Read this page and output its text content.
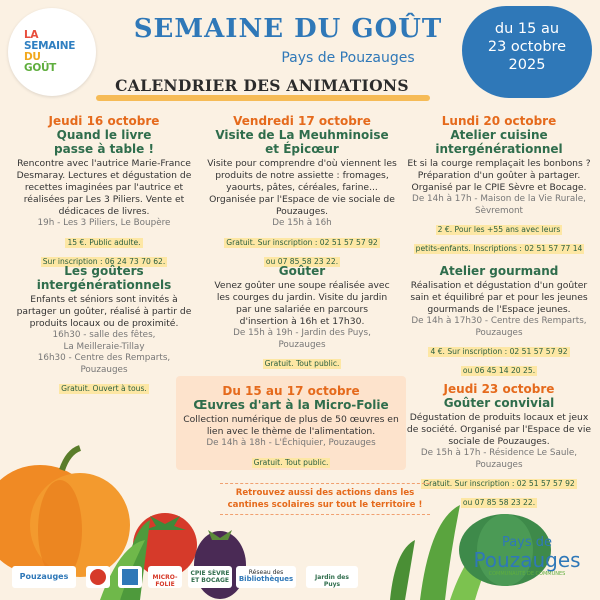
LA
SEMAINE
DU
GOÛT
SEMAINE DU GOÛT
Pays de Pouzauges
du 15 au
23 octobre
2025
CALENDRIER DES ANIMATIONS
Jeudi 16 octobre
Quand le livre
passe à table !
Rencontre avec l'autrice Marie-France Desmaray. Lectures et dégustation de recettes imaginées par l'autrice et réalisées par Les 3 Piliers. Vente et dédicaces de livres.
19h - Les 3 Piliers, Le Boupère
15 €. Public adulte.
Sur inscription : 06 24 73 70 62.
Vendredi 17 octobre
Visite de La Meuhminoise
et Épicœur
Visite pour comprendre d'où viennent les produits de notre assiette : fromages, yaourts, pâtes, céréales, farine... Organisée par l'Espace de vie sociale de Pouzauges.
De 15h à 16h
Gratuit. Sur inscription : 02 51 57 57 92
ou 07 85 58 23 22.
Lundi 20 octobre
Atelier cuisine
intergénérationnel
Et si la courge remplaçait les bonbons ? Préparation d'un goûter à partager. Organisé par le CPIE Sèvre et Bocage.
De 14h à 17h - Maison de la Vie Rurale, Sèvremont
2 €. Pour les +55 ans avec leurs
petits-enfants. Inscriptions : 02 51 57 77 14
Les goûters
intergénérationnels
Enfants et séniors sont invités à partager un goûter, réalisé à partir de produits locaux ou de proximité.
16h30 - salle des fêtes,
La Meilleraie-Tillay
16h30 - Centre des Remparts,
Pouzauges
Gratuit. Ouvert à tous.
Goûter
Venez goûter une soupe réalisée avec les courges du jardin. Visite du jardin par une salariée en parcours d'insertion à 16h et 17h30.
De 15h à 19h - Jardin des Puys,
Pouzauges
Gratuit. Tout public.
Atelier gourmand
Réalisation et dégustation d'un goûter sain et équilibré par et pour les jeunes gourmands de l'Espace jeunes.
De 14h à 17h30 - Centre des Remparts, Pouzauges
4 €. Sur inscription : 02 51 57 57 92
ou 06 45 14 20 25.
Du 15 au 17 octobre
Œuvres d'art à la Micro-Folie
Collection numérique de plus de 50 œuvres en lien avec le thème de l'alimentation.
De 14h à 18h - L'Échiquier, Pouzauges
Gratuit. Tout public.
Jeudi 23 octobre
Goûter convivial
Dégustation de produits locaux et jeux de société. Organisé par l'Espace de vie sociale de Pouzauges.
De 15h à 17h - Résidence Le Saule,
Pouzauges
Gratuit. Sur inscription : 02 51 57 57 92
ou 07 85 58 23 22.
Retrouvez aussi des actions dans les cantines scolaires sur tout le territoire !
Pouzauges	MICRO-FOLIE
CPIE SÈVRE ET BOCAGE
Réseau des
Bibliothèques	Jardin des Puys
Pays de
Pouzauges
COMMUNAUTÉ DE COMMUNES
